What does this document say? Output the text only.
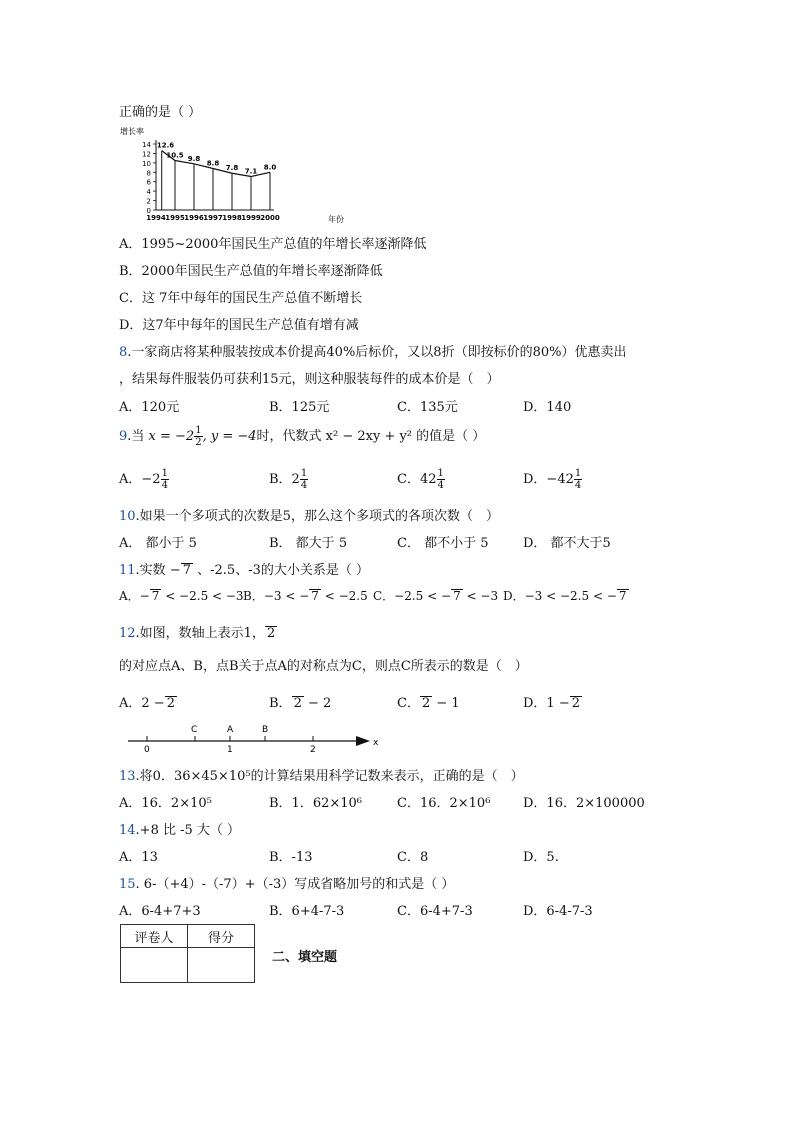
正确的是（ ）
增长率
年份
0
2
4
6
8
10
12
14
1994 1995 1996 1997 1998 1999 2000
12.6
10.5 9.8
8.8
7.8 7.1
8.0
A．1995~2000年国民生产总值的年增长率逐渐降低
B．2000年国民生产总值的年增长率逐渐降低
C．这 7年中每年的国民生产总值不断增长
D．这7年中每年的国民生产总值有增有减
8.一家商店将某种服装按成本价提高40%后标价，又以8折（即按标价的80%）优惠卖出
，结果每件服装仍可获利15元，则这种服装每件的成本价是（　）
A．120元	B．125元	C．135元	D．140
9.当 $x = -2 \frac{1}{2}$ , y = −4时，代数式 x² − 2xy + y² 的值是（ ）
A．$-2 \frac{1}{4}$	B．$2 \frac{1}{4}$	C．$42 \frac{1}{4}$	D．$-42 \frac{1}{4}$
10.如果一个多项式的次数是5，那么这个多项式的各项次数（　）
A． 都小于 5	B． 都大于 5	C． 都不小于 5	D． 都不大于5
11.实数 − 7 、-2.5、-3的大小关系是（ ）
A．− 7 < −2.5 < −3 B．−3 < − 7 < −2.5 C．−2.5 < − 7 < −3 D．−3 < −2.5 < − 7
12.如图，数轴上表示1， 2
的对应点A、B，点B关于点A的对称点为C，则点C所表示的数是（　）
A．2 − 2	B． 2 − 2	C． 2 − 1	D．1 − 2
x
0	1	2
C	A	B
13.将0．36×45×10⁵的计算结果用科学记数来表示，正确的是（　）
A．16．2×10⁵	B．1．62×10⁶	C．16．2×10⁶	D．16．2×100000
14.+8 比 -5 大（ ）
A．13	B．-13	C．8	D．5.
15. 6-（+4）-（-7）+（-3）写成省略加号的和式是（ ）
A．6-4+7+3	B．6+4-7-3	C．6-4+7-3	D．6-4-7-3
评卷人	得分

二、填空题
